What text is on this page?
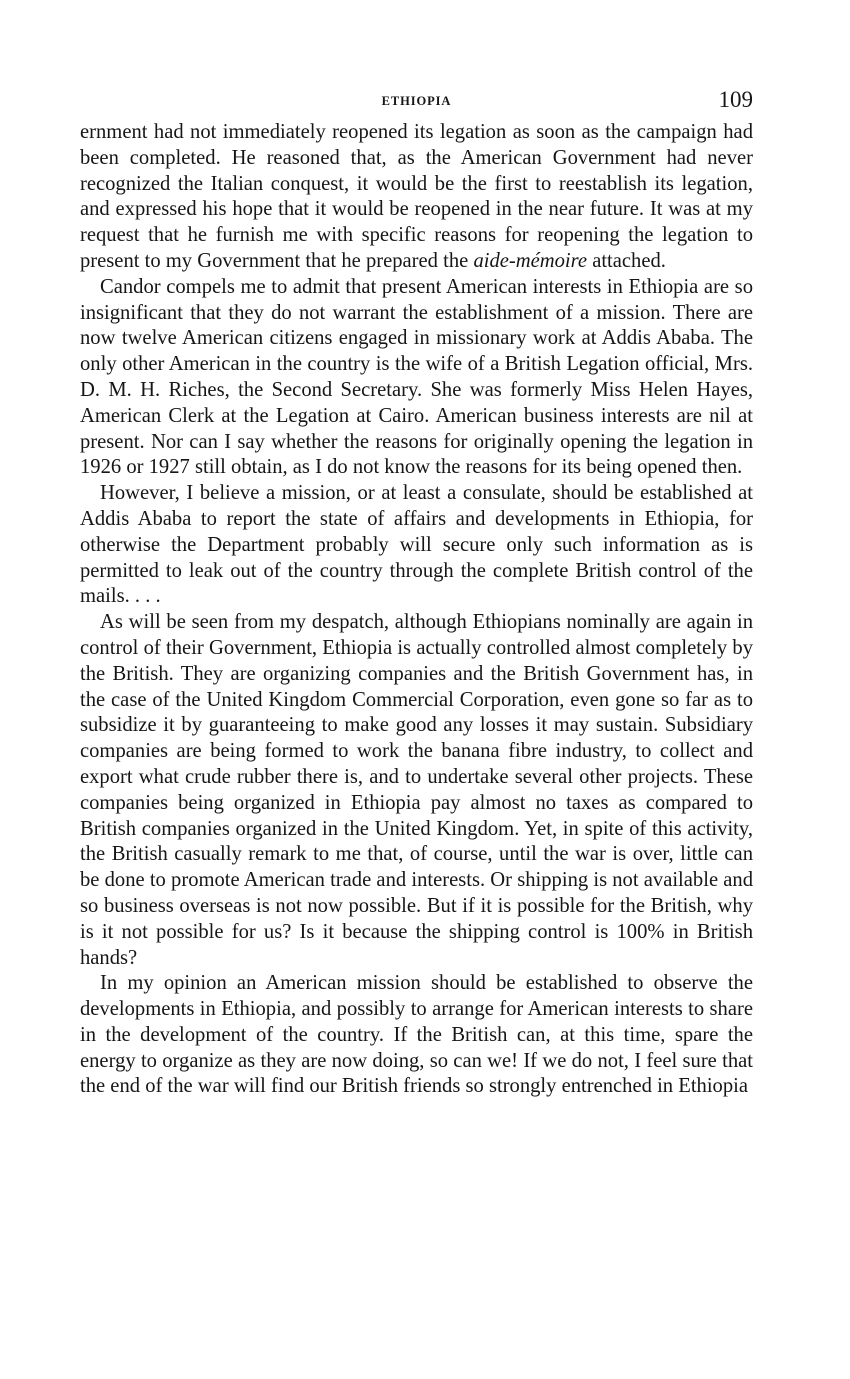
ETHIOPIA	109

ernment had not immediately reopened its legation as soon as the campaign had been completed. He reasoned that, as the American Government had never recognized the Italian conquest, it would be the first to reestablish its legation, and expressed his hope that it would be reopened in the near future. It was at my request that he furnish me with specific reasons for reopening the legation to present to my Government that he prepared the aide-mémoire attached.

Candor compels me to admit that present American interests in Ethiopia are so insignificant that they do not warrant the establishment of a mission. There are now twelve American citizens engaged in missionary work at Addis Ababa. The only other American in the country is the wife of a British Legation official, Mrs. D. M. H. Riches, the Second Secretary. She was formerly Miss Helen Hayes, American Clerk at the Legation at Cairo. American business interests are nil at present. Nor can I say whether the reasons for originally opening the legation in 1926 or 1927 still obtain, as I do not know the reasons for its being opened then.

However, I believe a mission, or at least a consulate, should be established at Addis Ababa to report the state of affairs and developments in Ethiopia, for otherwise the Department probably will secure only such information as is permitted to leak out of the country through the complete British control of the mails. . . .

As will be seen from my despatch, although Ethiopians nominally are again in control of their Government, Ethiopia is actually controlled almost completely by the British. They are organizing companies and the British Government has, in the case of the United Kingdom Commercial Corporation, even gone so far as to subsidize it by guaranteeing to make good any losses it may sustain. Subsidiary companies are being formed to work the banana fibre industry, to collect and export what crude rubber there is, and to undertake several other projects. These companies being organized in Ethiopia pay almost no taxes as compared to British companies organized in the United Kingdom. Yet, in spite of this activity, the British casually remark to me that, of course, until the war is over, little can be done to promote American trade and interests. Or shipping is not available and so business overseas is not now possible. But if it is possible for the British, why is it not possible for us? Is it because the shipping control is 100% in British hands?

In my opinion an American mission should be established to observe the developments in Ethiopia, and possibly to arrange for American interests to share in the development of the country. If the British can, at this time, spare the energy to organize as they are now doing, so can we! If we do not, I feel sure that the end of the war will find our British friends so strongly entrenched in Ethiopia
